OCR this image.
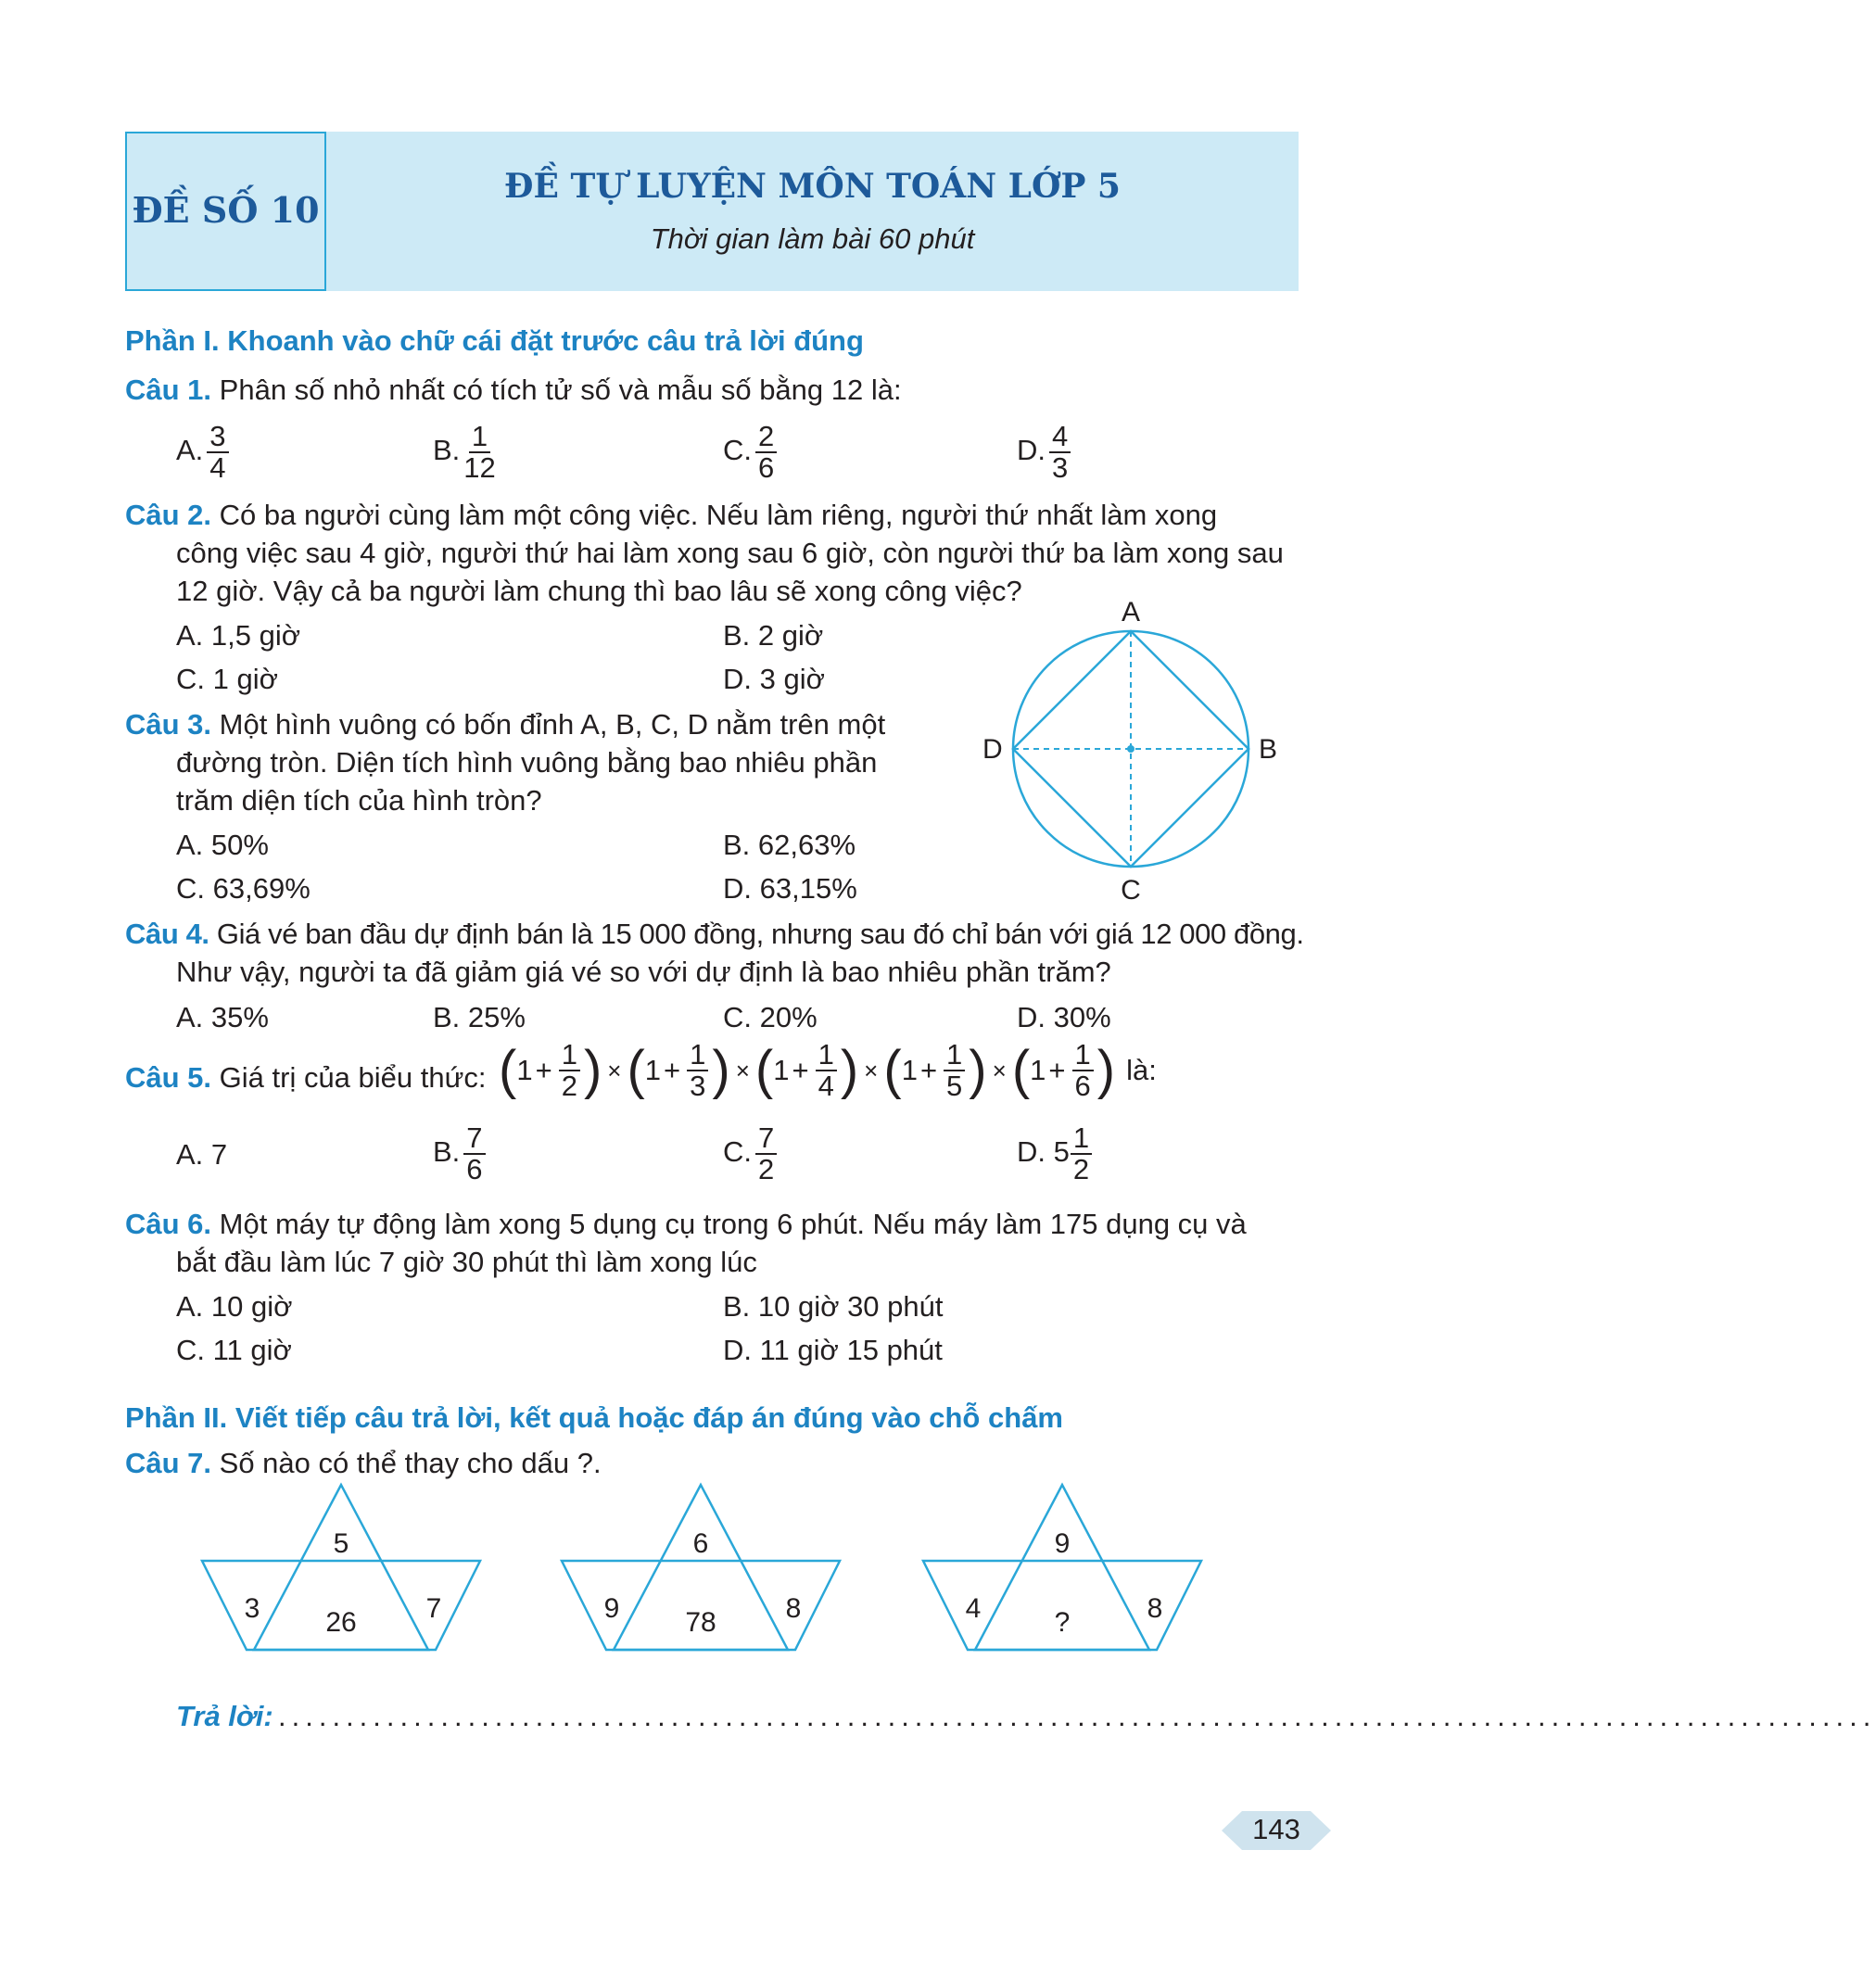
ĐỀ SỐ 10
ĐỀ TỰ LUYỆN MÔN TOÁN LỚP 5
Thời gian làm bài 60 phút
Phần I. Khoanh vào chữ cái đặt trước câu trả lời đúng
Câu 1. Phân số nhỏ nhất có tích tử số và mẫu số bằng 12 là:
A. $\frac{3}{4}$	B. $\frac{1}{12}$	C. $\frac{2}{6}$	D. $\frac{4}{3}$
Câu 2. Có ba người cùng làm một công việc. Nếu làm riêng, người thứ nhất làm xong
công việc sau 4 giờ, người thứ hai làm xong sau 6 giờ, còn người thứ ba làm xong sau
12 giờ. Vậy cả ba người làm chung thì bao lâu sẽ xong công việc?
A. 1,5 giờ	B. 2 giờ
C. 1 giờ	D. 3 giờ
Câu 3. Một hình vuông có bốn đỉnh A, B, C, D nằm trên một
đường tròn. Diện tích hình vuông bằng bao nhiêu phần
trăm diện tích của hình tròn?
A. 50%	B. 62,63%
C. 63,69%	D. 63,15%
A
B
C
D
Câu 4. Giá vé ban đầu dự định bán là 15 000 đồng, nhưng sau đó chỉ bán với giá 12 000 đồng.
Như vậy, người ta đã giảm giá vé so với dự định là bao nhiêu phần trăm?
A. 35%	B. 25%	C. 20%	D. 30%
Câu 5. Giá trị của biểu thức: ( $1 + \frac{1}{2}$ ) × ( $1 + \frac{1}{3}$ ) × ( $1 + \frac{1}{4}$ ) × ( $1 + \frac{1}{5}$ ) × ( $1 + \frac{1}{6}$ ) là:
A. 7	B. $\frac{7}{6}$	C. $\frac{7}{2}$	D. $5 \frac{1}{2}$
Câu 6. Một máy tự động làm xong 5 dụng cụ trong 6 phút. Nếu máy làm 175 dụng cụ và
bắt đầu làm lúc 7 giờ 30 phút thì làm xong lúc
A. 10 giờ	B. 10 giờ 30 phút
C. 11 giờ	D. 11 giờ 15 phút
Phần II. Viết tiếp câu trả lời, kết quả hoặc đáp án đúng vào chỗ chấm
Câu 7. Số nào có thể thay cho dấu ?.
5
3	7
26
6
9	8
78
9
4	8
?
Trả lời: ......................................................................................................................
143
